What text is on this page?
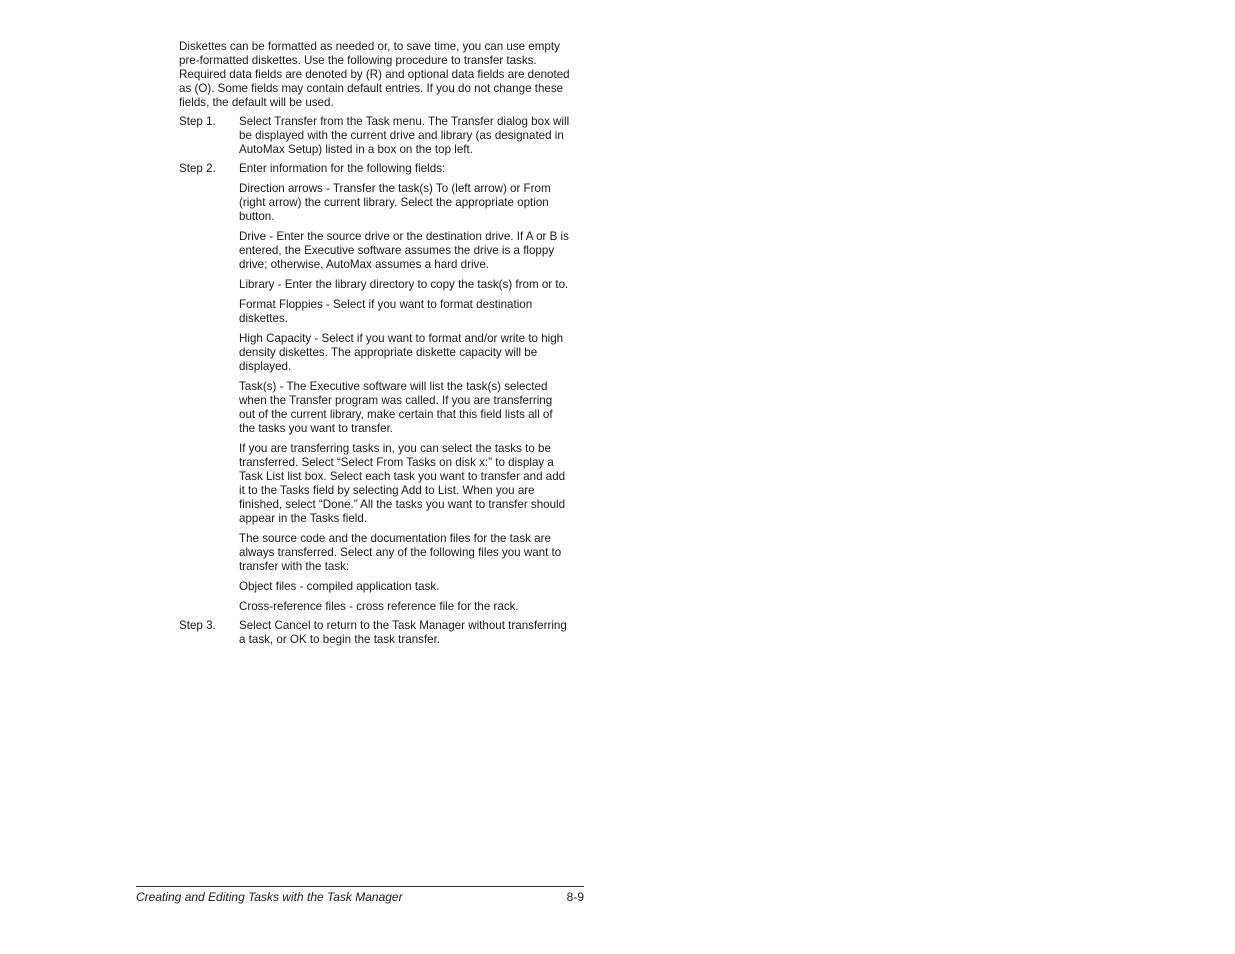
Diskettes can be formatted as needed or, to save time, you can use empty pre-formatted diskettes. Use the following procedure to transfer tasks. Required data fields are denoted by (R) and optional data fields are denoted as (O). Some fields may contain default entries. If you do not change these fields, the default will be used.

Step 1.	Select Transfer from the Task menu. The Transfer dialog box will be displayed with the current drive and library (as designated in AutoMax Setup) listed in a box on the top left.

Step 2.	Enter information for the following fields:

Direction arrows - Transfer the task(s) To (left arrow) or From (right arrow) the current library. Select the appropriate option button.

Drive - Enter the source drive or the destination drive. If A or B is entered, the Executive software assumes the drive is a floppy drive; otherwise, AutoMax assumes a hard drive.

Library - Enter the library directory to copy the task(s) from or to.

Format Floppies - Select if you want to format destination diskettes.

High Capacity - Select if you want to format and/or write to high density diskettes. The appropriate diskette capacity will be displayed.

Task(s) - The Executive software will list the task(s) selected when the Transfer program was called. If you are transferring out of the current library, make certain that this field lists all of the tasks you want to transfer.

If you are transferring tasks in, you can select the tasks to be transferred. Select “Select From Tasks on disk x:” to display a Task List list box. Select each task you want to transfer and add it to the Tasks field by selecting Add to List. When you are finished, select “Done.” All the tasks you want to transfer should appear in the Tasks field.

The source code and the documentation files for the task are always transferred. Select any of the following files you want to transfer with the task:

Object files - compiled application task.

Cross-reference files - cross reference file for the rack.

Step 3.	Select Cancel to return to the Task Manager without transferring a task, or OK to begin the task transfer.

Creating and Editing Tasks with the Task Manager	8-9
